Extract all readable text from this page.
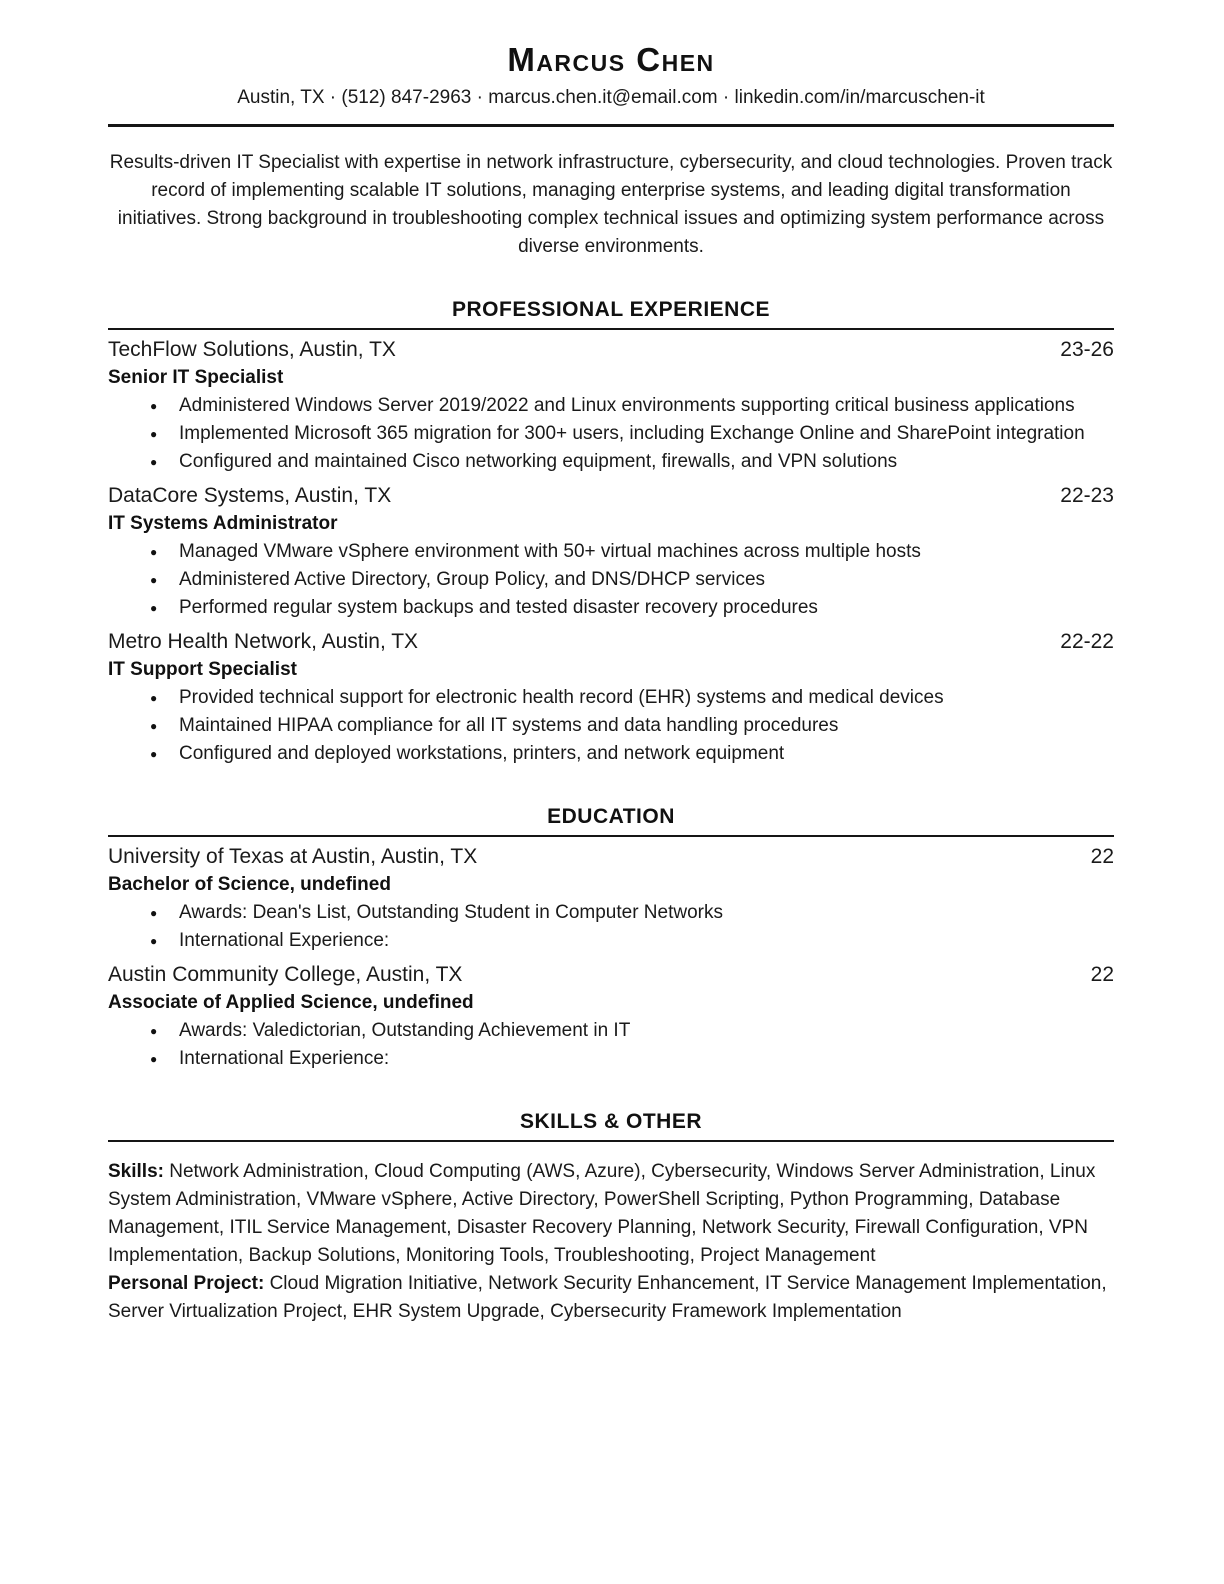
Marcus Chen
Austin, TX · (512) 847-2963 · marcus.chen.it@email.com · linkedin.com/in/marcuschen-it

Results-driven IT Specialist with expertise in network infrastructure, cybersecurity, and cloud technologies. Proven track record of implementing scalable IT solutions, managing enterprise systems, and leading digital transformation initiatives. Strong background in troubleshooting complex technical issues and optimizing system performance across diverse environments.

PROFESSIONAL EXPERIENCE
TechFlow Solutions, Austin, TX	23-26
Senior IT Specialist
● Administered Windows Server 2019/2022 and Linux environments supporting critical business applications
● Implemented Microsoft 365 migration for 300+ users, including Exchange Online and SharePoint integration
● Configured and maintained Cisco networking equipment, firewalls, and VPN solutions
DataCore Systems, Austin, TX	22-23
IT Systems Administrator
● Managed VMware vSphere environment with 50+ virtual machines across multiple hosts
● Administered Active Directory, Group Policy, and DNS/DHCP services
● Performed regular system backups and tested disaster recovery procedures
Metro Health Network, Austin, TX	22-22
IT Support Specialist
● Provided technical support for electronic health record (EHR) systems and medical devices
● Maintained HIPAA compliance for all IT systems and data handling procedures
● Configured and deployed workstations, printers, and network equipment
EDUCATION
University of Texas at Austin, Austin, TX	22
Bachelor of Science, undefined
● Awards: Dean's List, Outstanding Student in Computer Networks
● International Experience:
Austin Community College, Austin, TX	22
Associate of Applied Science, undefined
● Awards: Valedictorian, Outstanding Achievement in IT
● International Experience:
SKILLS & OTHER

Skills: Network Administration, Cloud Computing (AWS, Azure), Cybersecurity, Windows Server Administration, Linux System Administration, VMware vSphere, Active Directory, PowerShell Scripting, Python Programming, Database Management, ITIL Service Management, Disaster Recovery Planning, Network Security, Firewall Configuration, VPN Implementation, Backup Solutions, Monitoring Tools, Troubleshooting, Project Management

Personal Project: Cloud Migration Initiative, Network Security Enhancement, IT Service Management Implementation, Server Virtualization Project, EHR System Upgrade, Cybersecurity Framework Implementation
